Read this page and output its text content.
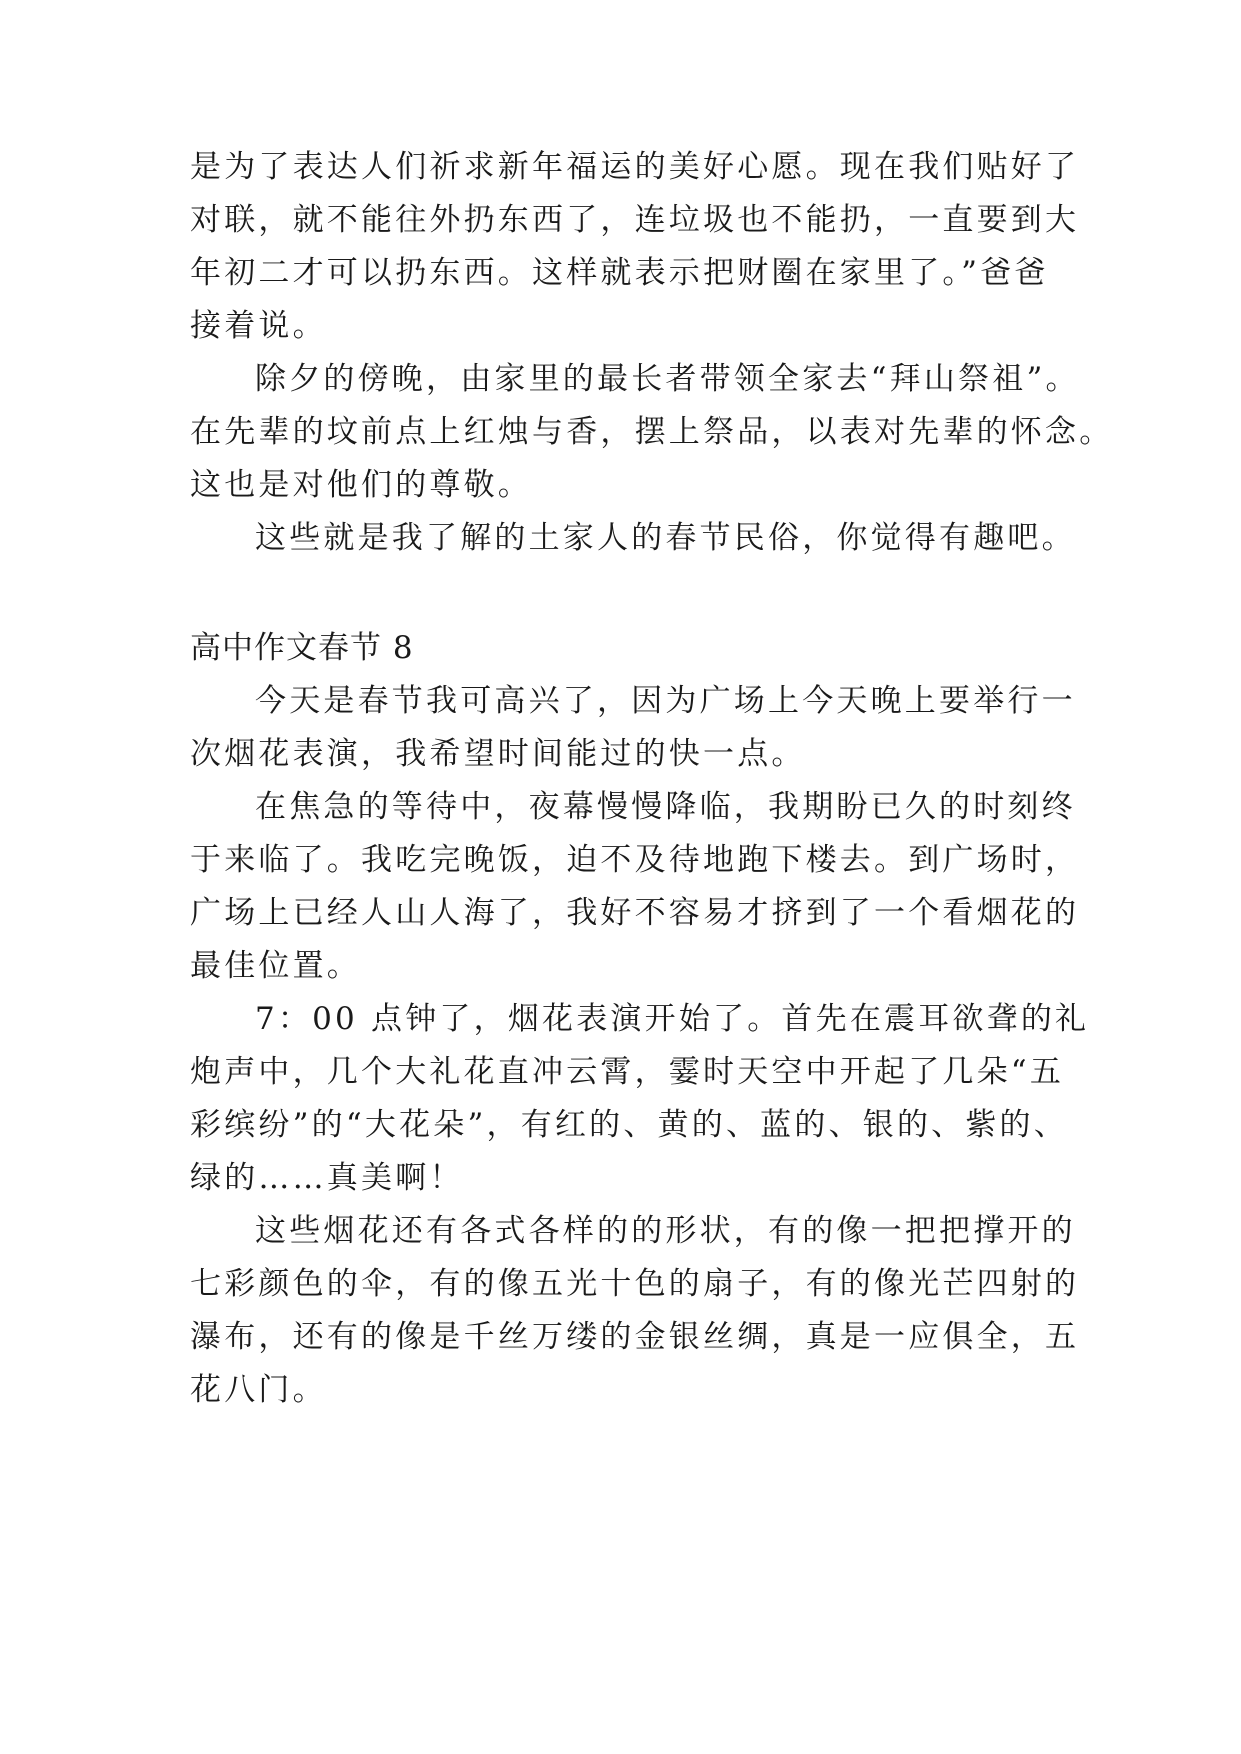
是为了表达人们祈求新年福运的美好心愿。现在我们贴好了
对联，就不能往外扔东西了，连垃圾也不能扔，一直要到大
年初二才可以扔东西。这样就表示把财圈在家里了。”爸爸
接着说。
除夕的傍晚，由家里的最长者带领全家去“拜山祭祖”。
在先辈的坟前点上红烛与香，摆上祭品，以表对先辈的怀念。
这也是对他们的尊敬。
这些就是我了解的土家人的春节民俗，你觉得有趣吧。
高中作文春节 8
今天是春节我可高兴了，因为广场上今天晚上要举行一
次烟花表演，我希望时间能过的快一点。
在焦急的等待中，夜幕慢慢降临，我期盼已久的时刻终
于来临了。我吃完晚饭，迫不及待地跑下楼去。到广场时，
广场上已经人山人海了，我好不容易才挤到了一个看烟花的
最佳位置。
7：00 点钟了，烟花表演开始了。首先在震耳欲聋的礼
炮声中，几个大礼花直冲云霄，霎时天空中开起了几朵“五
彩缤纷”的“大花朵”，有红的、黄的、蓝的、银的、紫的、
绿的……真美啊！
这些烟花还有各式各样的的形状，有的像一把把撑开的
七彩颜色的伞，有的像五光十色的扇子，有的像光芒四射的
瀑布，还有的像是千丝万缕的金银丝绸，真是一应俱全，五
花八门。
